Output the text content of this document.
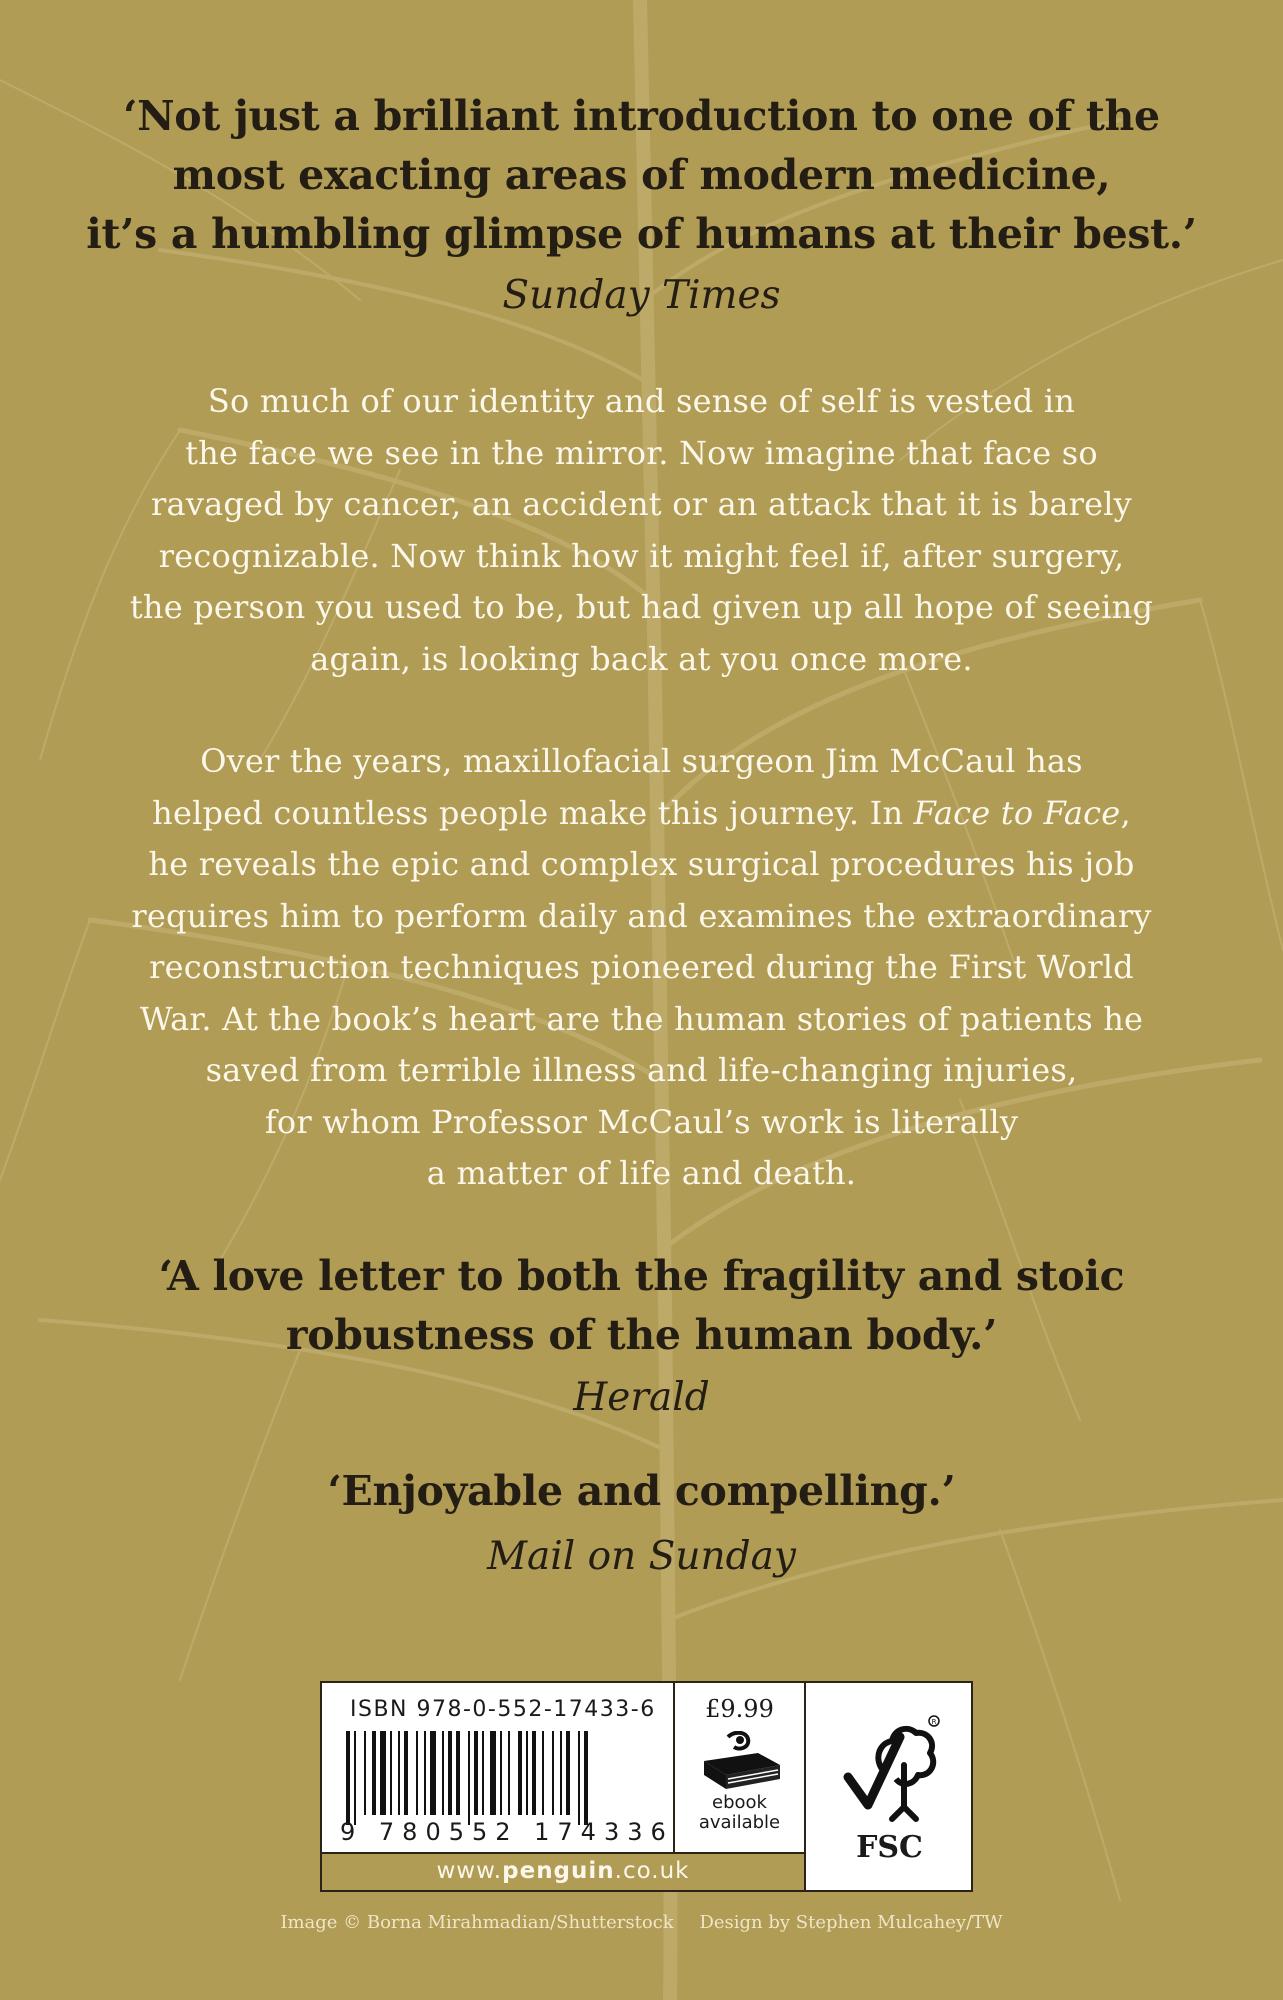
‘Not just a brilliant introduction to one of the
most exacting areas of modern medicine,
it’s a humbling glimpse of humans at their best.’
Sunday Times
So much of our identity and sense of self is vested in
the face we see in the mirror. Now imagine that face so
ravaged by cancer, an accident or an attack that it is barely
recognizable. Now think how it might feel if, after surgery,
the person you used to be, but had given up all hope of seeing
again, is looking back at you once more.
Over the years, maxillofacial surgeon Jim McCaul has
helped countless people make this journey. In Face to Face,
he reveals the epic and complex surgical procedures his job
requires him to perform daily and examines the extraordinary
reconstruction techniques pioneered during the First World
War. At the book’s heart are the human stories of patients he
saved from terrible illness and life-changing injuries,
for whom Professor McCaul’s work is literally
a matter of life and death.
‘A love letter to both the fragility and stoic
robustness of the human body.’
Herald
‘Enjoyable and compelling.’
Mail on Sunday
ISBN 978-0-552-17433-6
9 780552 174336
£9.99
ebook
available
R
FSC
www.penguin.co.uk
Image © Borna Mirahmadian/Shutterstock Design by Stephen Mulcahey/TW
